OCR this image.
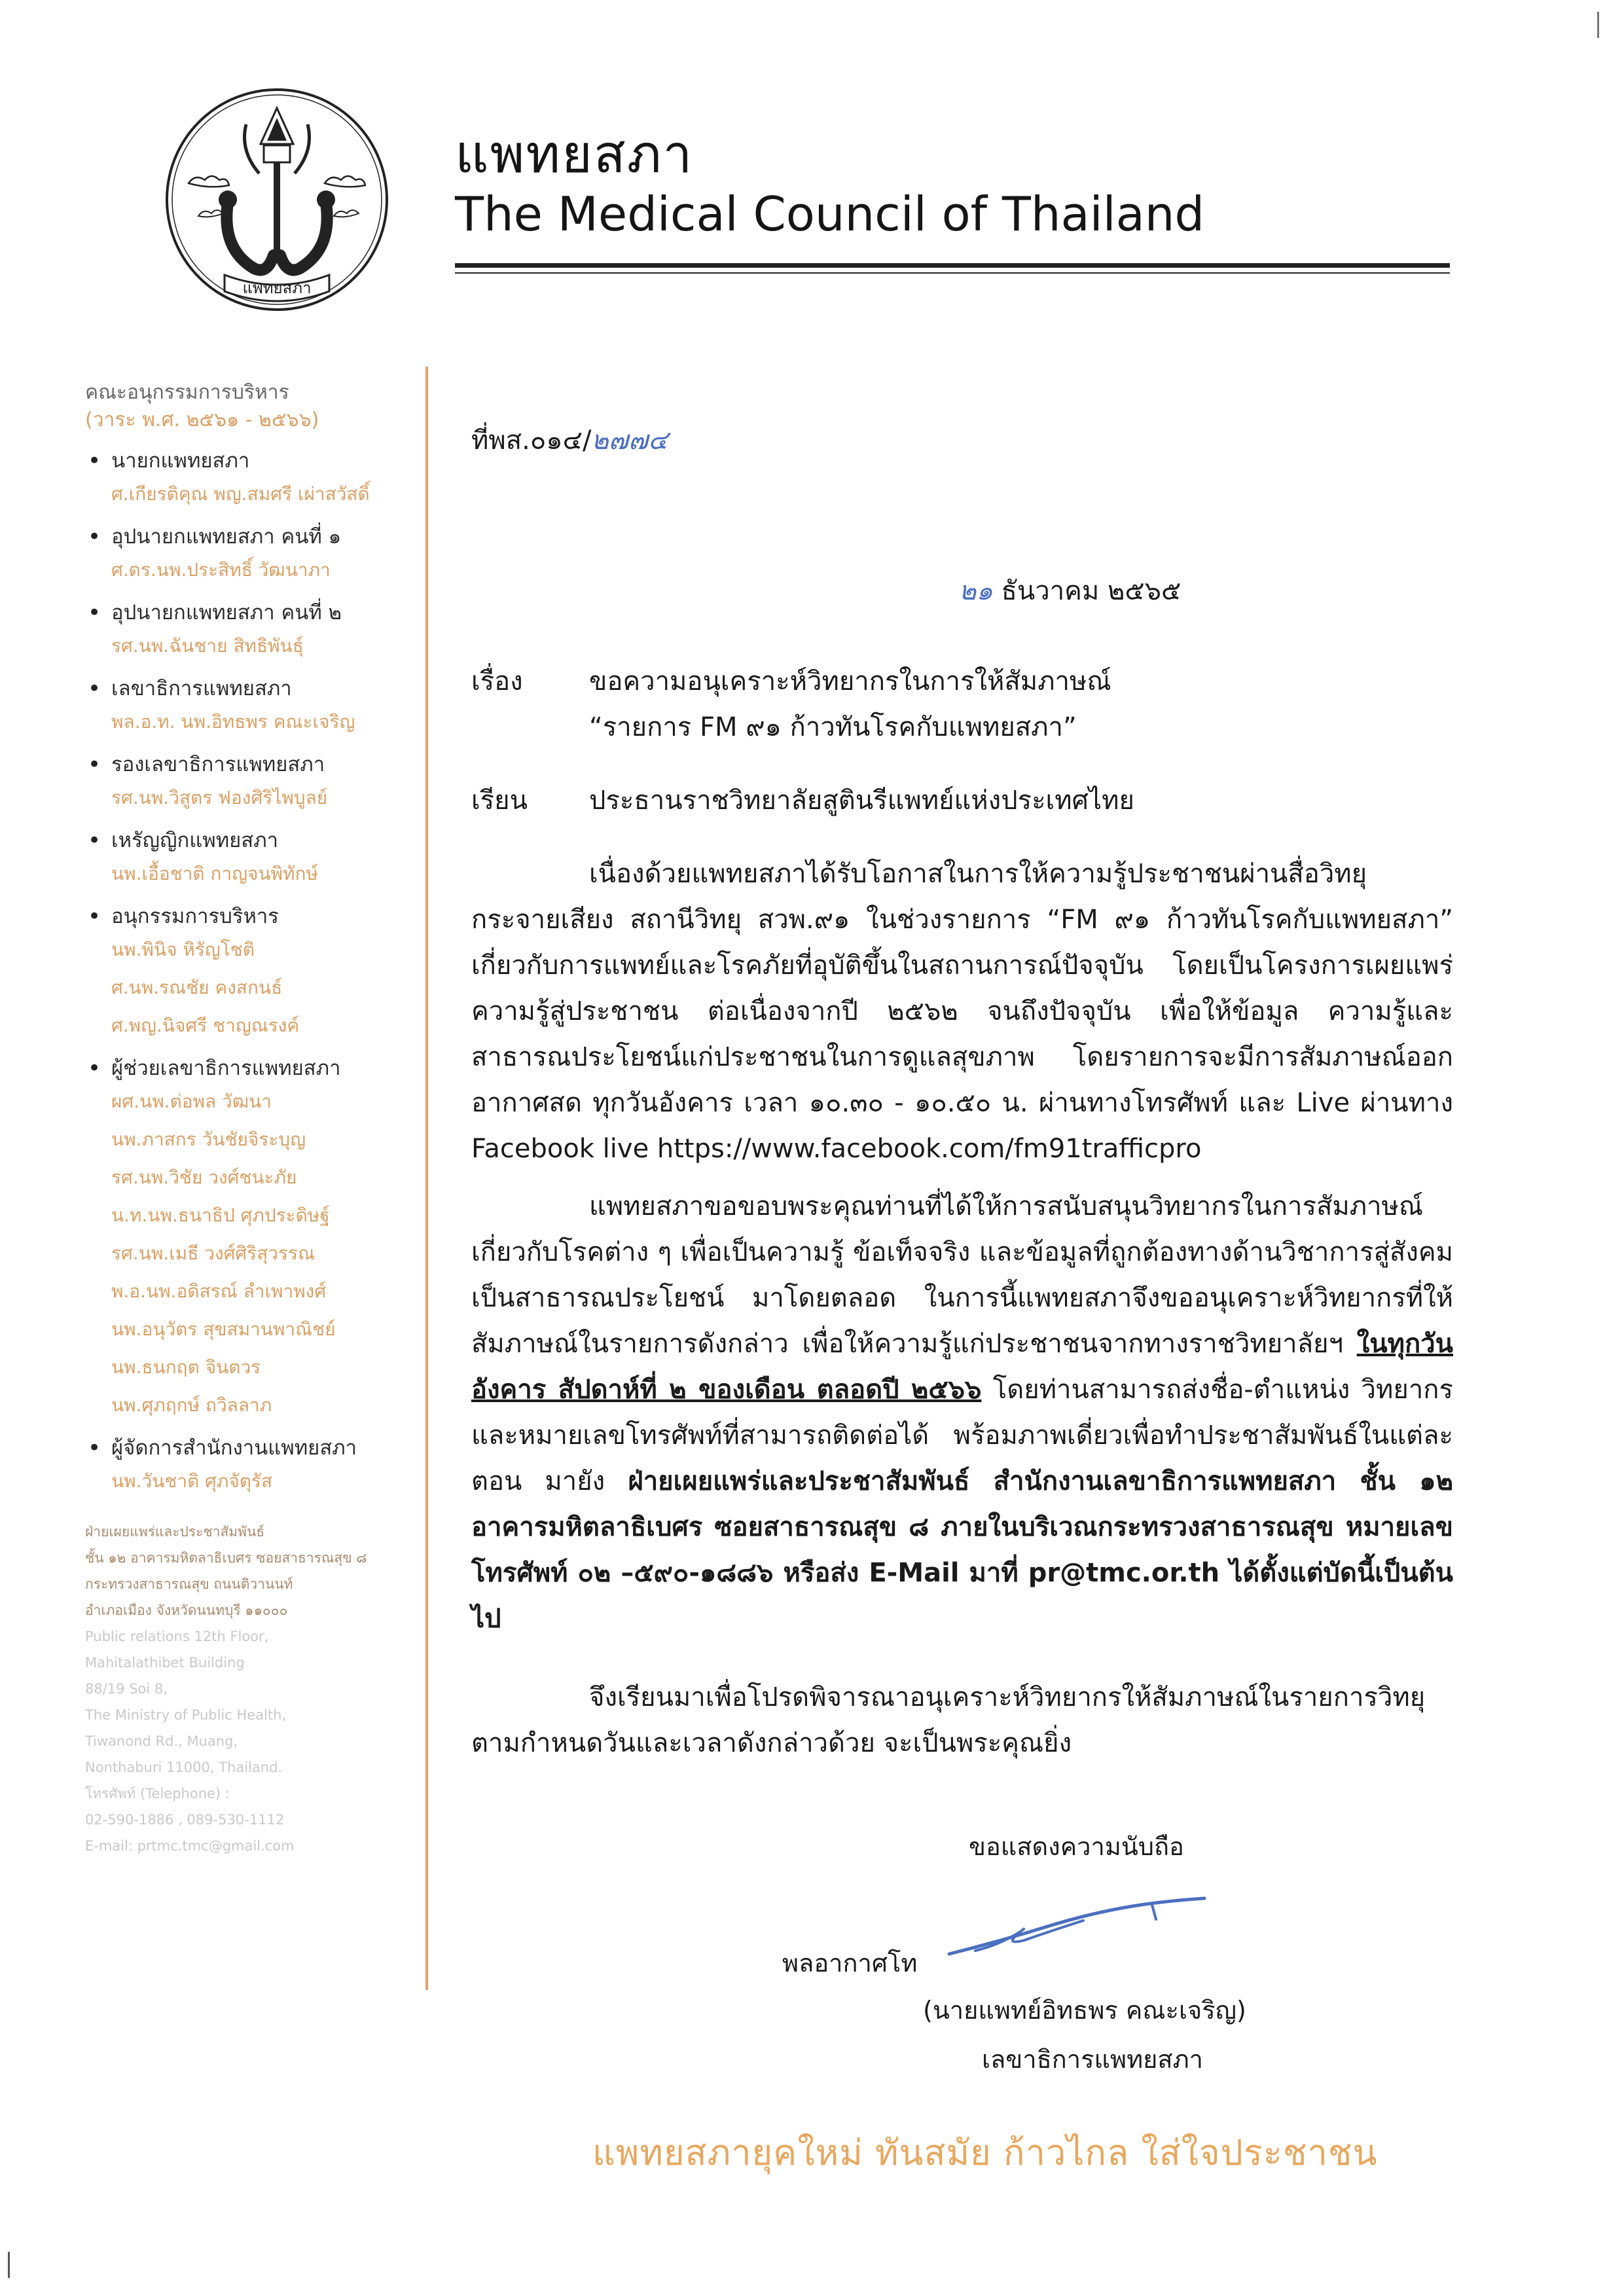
แพทยสภา
แพทยสภา
The Medical Council of Thailand
คณะอนุกรรมการบริหาร
(วาระ พ.ศ. ๒๕๖๑ - ๒๕๖๖)
• นายกแพทยสภา
ศ.เกียรติคุณ พญ.สมศรี เผ่าสวัสดิ์
• อุปนายกแพทยสภา คนที่ ๑
ศ.ดร.นพ.ประสิทธิ์ วัฒนาภา
• อุปนายกแพทยสภา คนที่ ๒
รศ.นพ.ฉันชาย สิทธิพันธุ์
• เลขาธิการแพทยสภา
พล.อ.ท. นพ.อิทธพร คณะเจริญ
• รองเลขาธิการแพทยสภา
รศ.นพ.วิสูตร ฟองศิริไพบูลย์
• เหรัญญิกแพทยสภา
นพ.เอื้อชาติ กาญจนพิทักษ์
• อนุกรรมการบริหาร
นพ.พินิจ หิรัญโชติ
ศ.นพ.รณชัย คงสกนธ์
ศ.พญ.นิจศรี ชาญณรงค์
• ผู้ช่วยเลขาธิการแพทยสภา
ผศ.นพ.ต่อพล วัฒนา
นพ.ภาสกร วันชัยจิระบุญ
รศ.นพ.วิชัย วงศ์ชนะภัย
น.ท.นพ.ธนาธิป ศุภประดิษฐ์
รศ.นพ.เมธี วงศ์ศิริสุวรรณ
พ.อ.นพ.อดิสรณ์ ลำเพาพงศ์
นพ.อนุวัตร สุขสมานพาณิชย์
นพ.ธนกฤต จินตวร
นพ.ศุภฤกษ์ ถวิลลาภ
• ผู้จัดการสำนักงานแพทยสภา
นพ.วันชาติ ศุภจัตุรัส
ฝ่ายเผยแพร่และประชาสัมพันธ์
ชั้น ๑๒ อาคารมหิตลาธิเบศร ซอยสาธารณสุข ๘
กระทรวงสาธารณสุข ถนนติวานนท์
อำเภอเมือง จังหวัดนนทบุรี ๑๑๐๐๐
Public relations 12th Floor,
Mahitalathibet Building
88/19 Soi 8,
The Ministry of Public Health,
Tiwanond Rd., Muang,
Nonthaburi 11000, Thailand.
โทรศัพท์ (Telephone) :
02-590-1886 , 089-530-1112
E-mail: prtmc.tmc@gmail.com
ที่พส.๐๑๔/๒๗๗๔
๒๑ ธันวาคม ๒๕๖๕
เรื่อง	ขอความอนุเคราะห์วิทยากรในการให้สัมภาษณ์
“รายการ FM ๙๑ ก้าวทันโรคกับแพทยสภา”
เรียน ประธานราชวิทยาลัยสูตินรีแพทย์แห่งประเทศไทย
เนื่องด้วยแพทยสภาได้รับโอกาสในการให้ความรู้ประชาชนผ่านสื่อวิทยุกระจายเสียง สถานีวิทยุ สวพ.๙๑ ในช่วงรายการ “FM ๙๑ ก้าวทันโรคกับแพทยสภา” เกี่ยวกับการแพทย์และโรคภัยที่อุบัติขึ้นในสถานการณ์ปัจจุบัน โดยเป็นโครงการเผยแพร่ความรู้สู่ประชาชน ต่อเนื่องจากปี ๒๕๖๒ จนถึงปัจจุบัน เพื่อให้ข้อมูล ความรู้และสาธารณประโยชน์แก่ประชาชนในการดูแลสุขภาพ โดยรายการจะมีการสัมภาษณ์ออกอากาศสด ทุกวันอังคาร เวลา ๑๐.๓๐ - ๑๐.๕๐ น. ผ่านทางโทรศัพท์ และ Live ผ่านทาง Facebook live https://www.facebook.com/fm91trafficpro
แพทยสภาขอขอบพระคุณท่านที่ได้ให้การสนับสนุนวิทยากรในการสัมภาษณ์เกี่ยวกับโรคต่าง ๆ เพื่อเป็นความรู้ ข้อเท็จจริง และข้อมูลที่ถูกต้องทางด้านวิชาการสู่สังคมเป็นสาธารณประโยชน์ มาโดยตลอด ในการนี้แพทยสภาจึงขออนุเคราะห์วิทยากรที่ให้สัมภาษณ์ในรายการดังกล่าว เพื่อให้ความรู้แก่ประชาชนจากทางราชวิทยาลัยฯ ในทุกวันอังคาร สัปดาห์ที่ ๒ ของเดือน ตลอดปี ๒๕๖๖ โดยท่านสามารถส่งชื่อ-ตำแหน่ง วิทยากรและหมายเลขโทรศัพท์ที่สามารถติดต่อได้ พร้อมภาพเดี่ยวเพื่อทำประชาสัมพันธ์ในแต่ละตอน มายัง ฝ่ายเผยแพร่และประชาสัมพันธ์ สำนักงานเลขาธิการแพทยสภา ชั้น ๑๒ อาคารมหิตลาธิเบศร ซอยสาธารณสุข ๘ ภายในบริเวณกระทรวงสาธารณสุข หมายเลขโทรศัพท์ ๐๒ –๕๙๐-๑๘๘๖ หรือส่ง E-Mail มาที่ pr@tmc.or.th ได้ตั้งแต่บัดนี้เป็นต้นไป
จึงเรียนมาเพื่อโปรดพิจารณาอนุเคราะห์วิทยากรให้สัมภาษณ์ในรายการวิทยุตามกำหนดวันและเวลาดังกล่าวด้วย จะเป็นพระคุณยิ่ง
ขอแสดงความนับถือ
พลอากาศโท
(นายแพทย์อิทธพร คณะเจริญ)
เลขาธิการแพทยสภา
แพทยสภายุคใหม่ ทันสมัย ก้าวไกล ใส่ใจประชาชน
